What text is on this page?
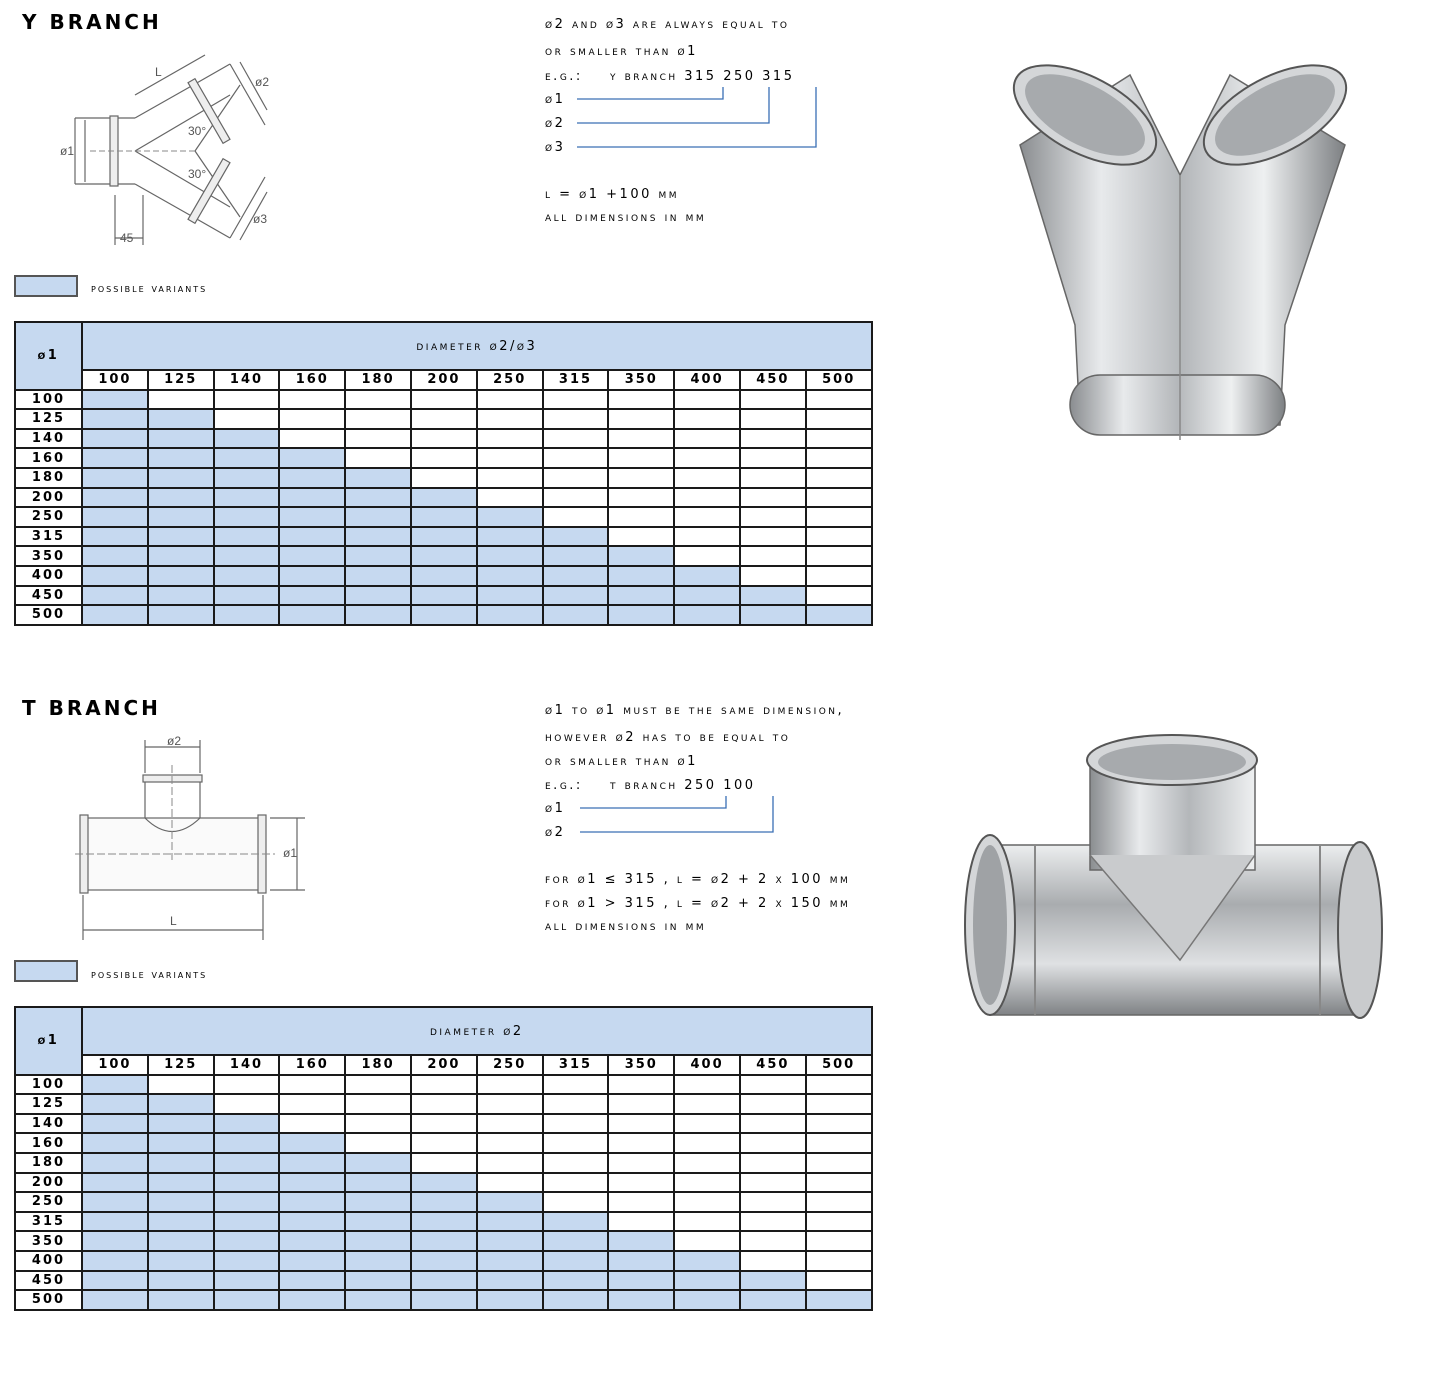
Y BRANCH
ø1
L
ø2
ø3
30°
30°
45
ø2 and ø3 are always equal to
or smaller than ø1
e.g.: y branch 315 250 315
ø1
ø2
ø3
l = ø1 +100 mm
all dimensions in mm
possible variants
ø1	diameter ø2/ø3											
	100	125	140	160	180	200	250	315	350	400	450	500
100												
125												
140												
160												
180												
200												
250												
315												
350												
400												
450												
500												
T BRANCH
ø2
ø1
L
ø1 to ø1 must be the same dimension,
however ø2 has to be equal to
or smaller than ø1
e.g.: t branch 250 100
ø1
ø2
for ø1 ≤ 315 , l = ø2 + 2 x 100 mm
for ø1 > 315 , l = ø2 + 2 x 150 mm
all dimensions in mm
possible variants
ø1	diameter ø2											
	100	125	140	160	180	200	250	315	350	400	450	500
100												
125												
140												
160												
180												
200												
250												
315												
350												
400												
450												
500												
